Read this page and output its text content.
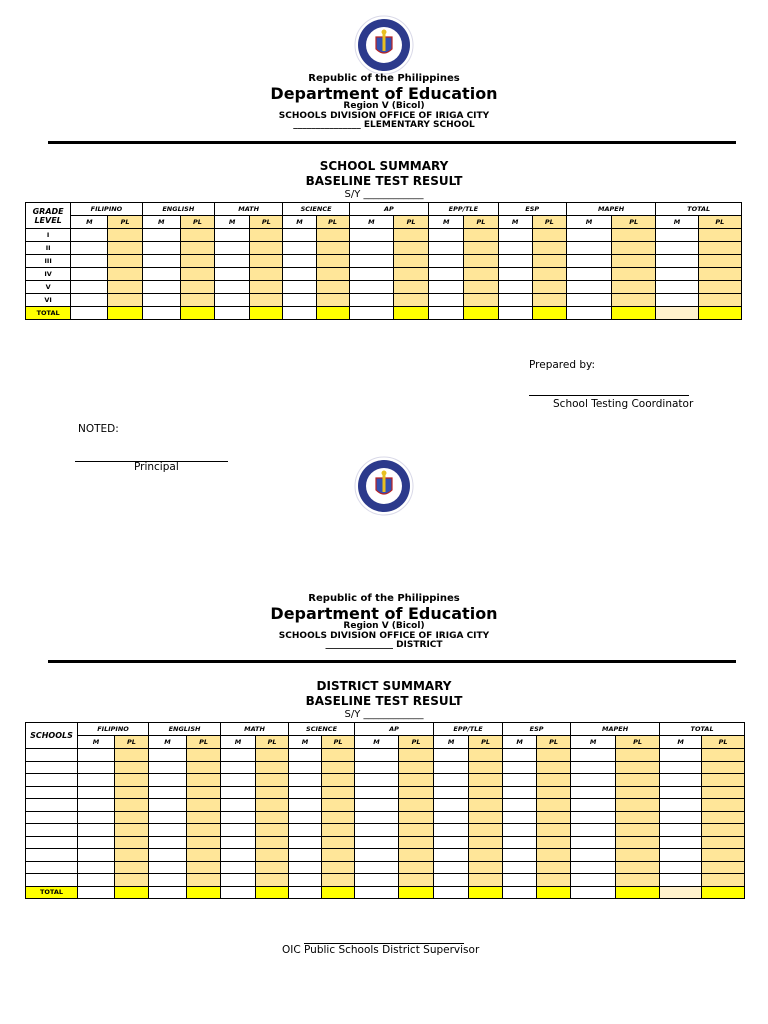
Republic of the Philippines
Department of Education
Region V (Bicol)
SCHOOLS DIVISION OFFICE OF IRIGA CITY
_______________ ELEMENTARY SCHOOL
SCHOOL SUMMARY
BASELINE TEST RESULT
S/Y ____________
GRADE LEVEL	FILIPINO		ENGLISH		MATH		SCIENCE		AP		EPP/TLE		ESP		MAPEH		TOTAL	
	M	PL	M	PL	M	PL	M	PL	M	PL	M	PL	M	PL	M	PL	M	PL
I																		
II																		
III																		
IV																		
V																		
VI																		
TOTAL																		
Prepared by:
School Testing Coordinator
NOTED:
Principal
Republic of the Philippines
Department of Education
Region V (Bicol)
SCHOOLS DIVISION OFFICE OF IRIGA CITY
_______________ DISTRICT
DISTRICT SUMMARY
BASELINE TEST RESULT
S/Y ____________
SCHOOLS	FILIPINO		ENGLISH		MATH		SCIENCE		AP		EPP/TLE		ESP		MAPEH		TOTAL	
	M	PL	M	PL	M	PL	M	PL	M	PL	M	PL	M	PL	M	PL	M	PL

TOTAL																		
OIC Public Schools District Supervisor
